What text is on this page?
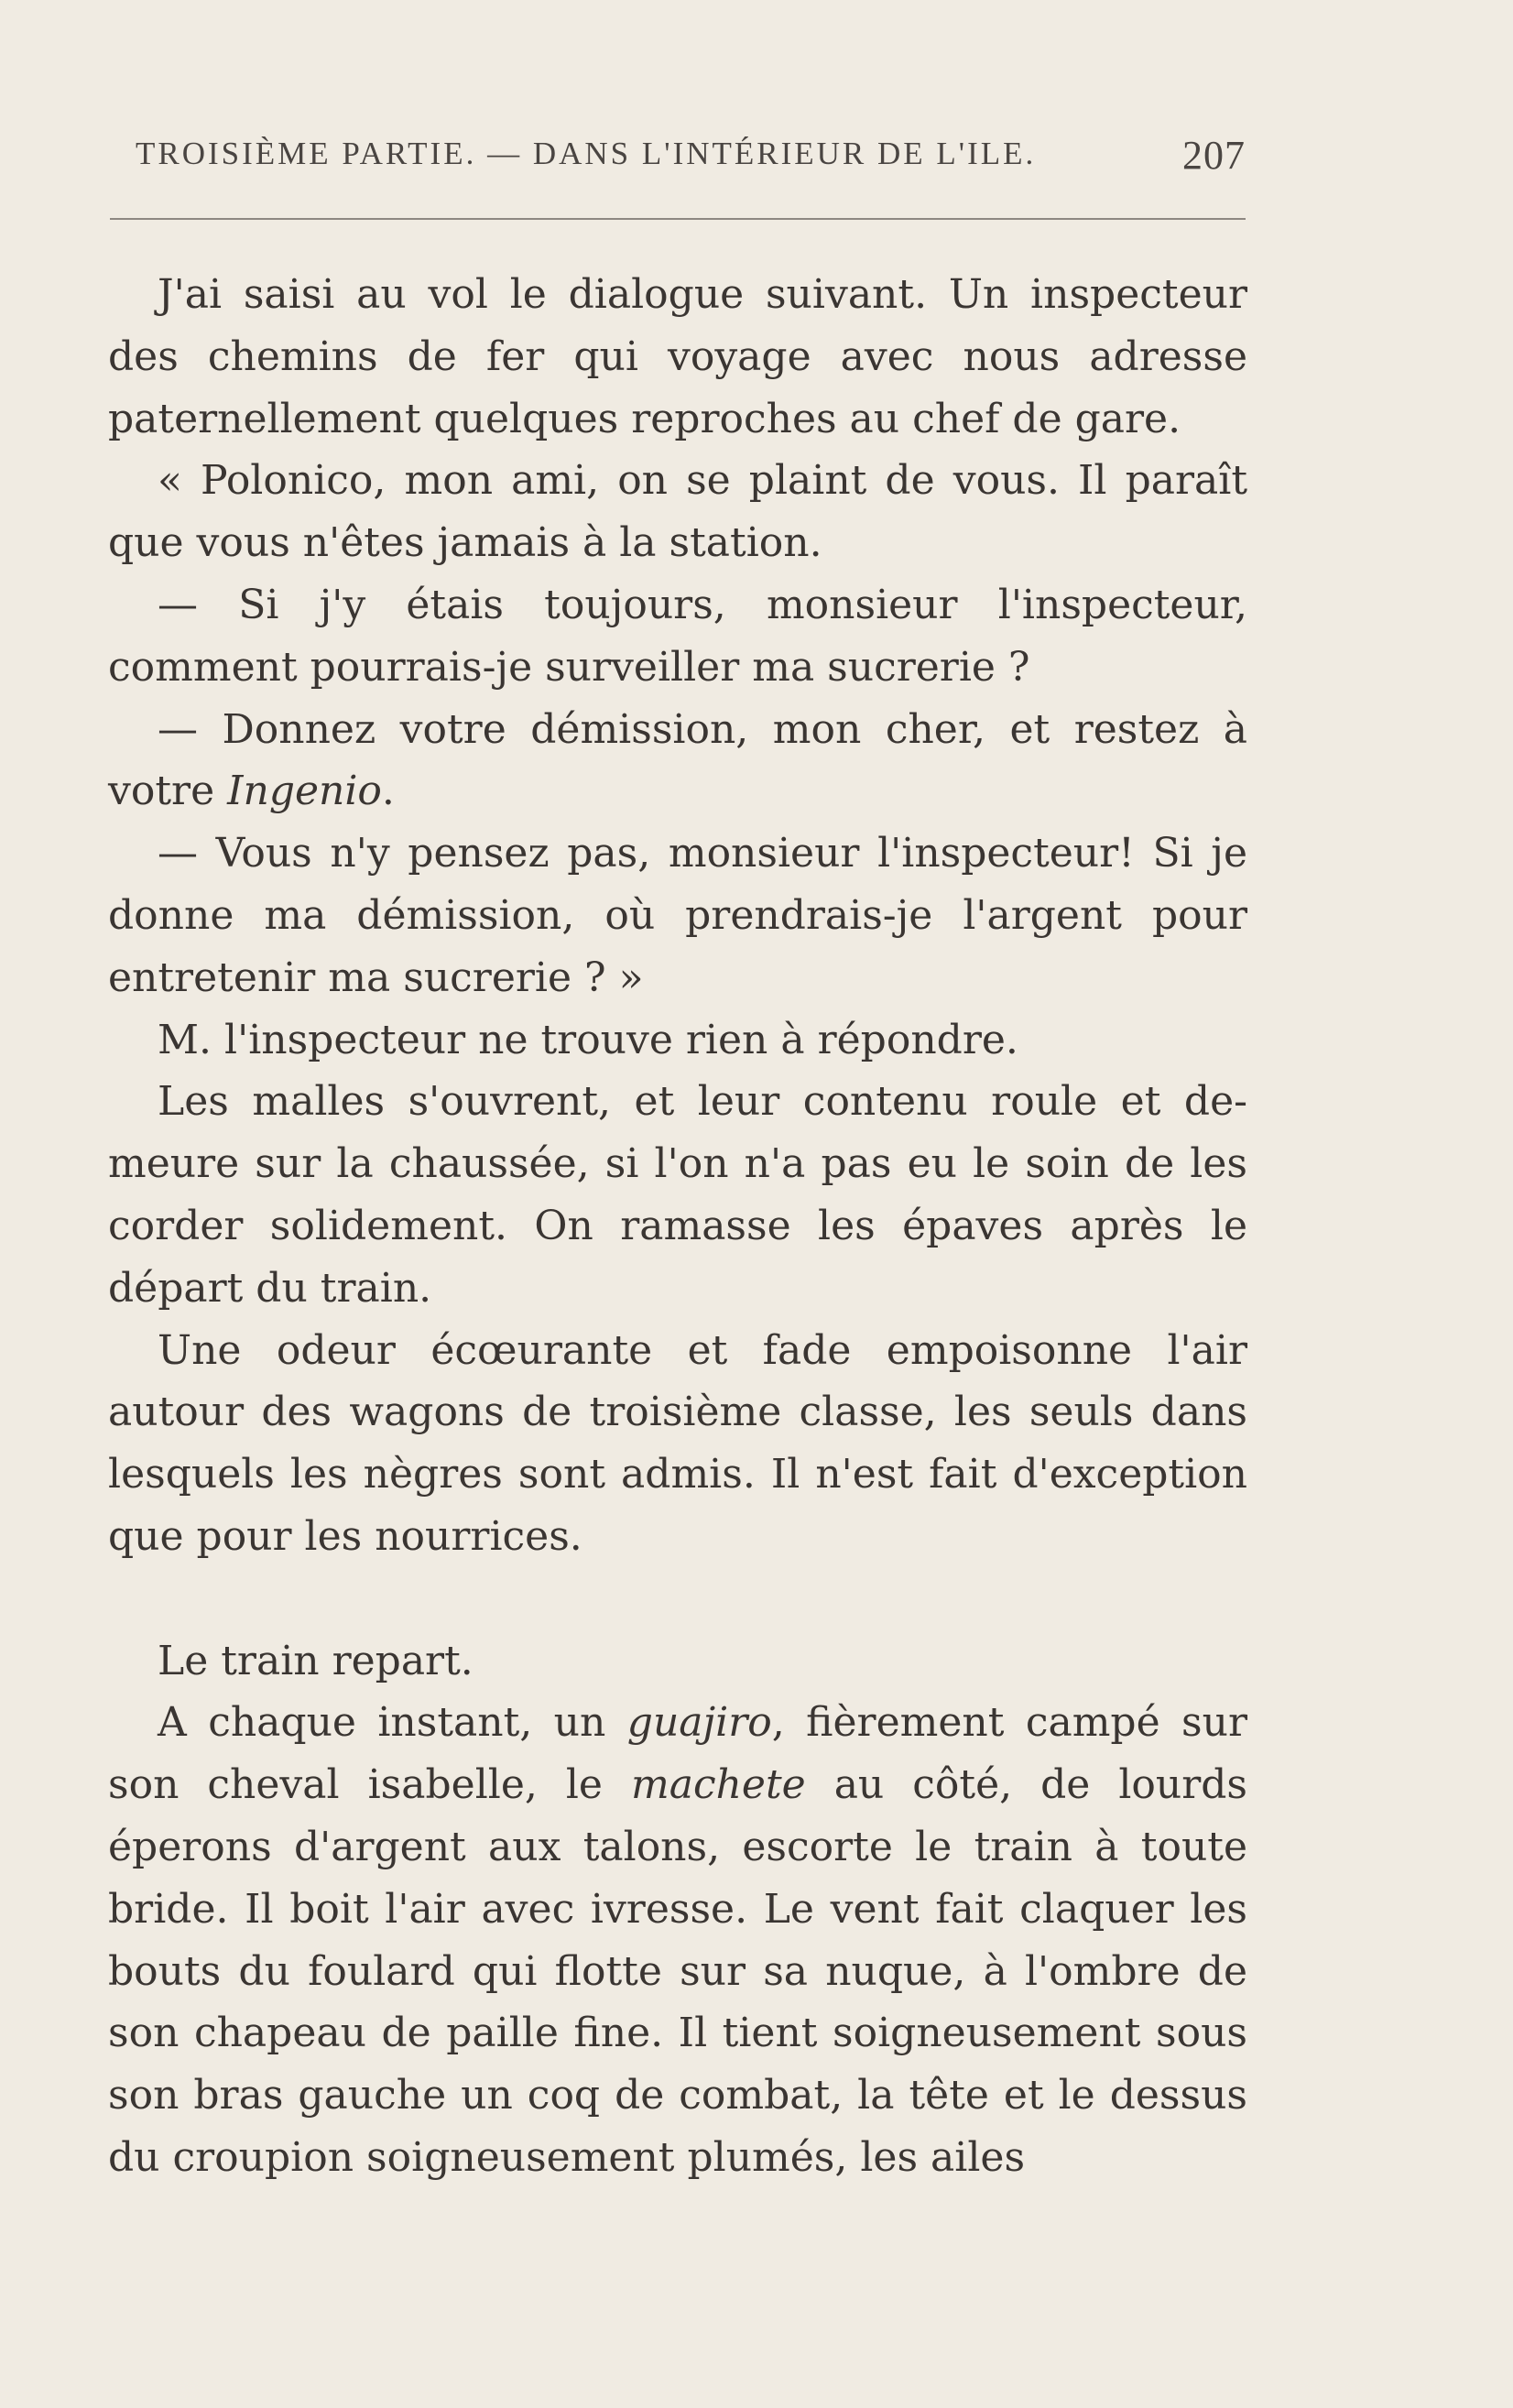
TROISIÈME PARTIE. — DANS L'INTÉRIEUR DE L'ILE.	207

J'ai saisi au vol le dialogue suivant. Un inspecteur des chemins de fer qui voyage avec nous adresse paternellement quelques reproches au chef de gare.

« Polonico, mon ami, on se plaint de vous. Il paraît que vous n'êtes jamais à la station.

— Si j'y étais toujours, monsieur l'inspecteur, comment pourrais-je surveiller ma sucrerie ?

— Donnez votre démission, mon cher, et restez à votre Ingenio.

— Vous n'y pensez pas, monsieur l'inspecteur! Si je donne ma démission, où prendrais-je l'argent pour entretenir ma sucrerie ? »

M. l'inspecteur ne trouve rien à répondre.

Les malles s'ouvrent, et leur contenu roule et demeure sur la chaussée, si l'on n'a pas eu le soin de les corder solidement. On ramasse les épaves après le départ du train.

Une odeur écœurante et fade empoisonne l'air autour des wagons de troisième classe, les seuls dans lesquels les nègres sont admis. Il n'est fait d'exception que pour les nourrices.

Le train repart.

A chaque instant, un guajiro, fièrement campé sur son cheval isabelle, le machete au côté, de lourds éperons d'argent aux talons, escorte le train à toute bride. Il boit l'air avec ivresse. Le vent fait claquer les bouts du foulard qui flotte sur sa nuque, à l'ombre de son chapeau de paille fine. Il tient soigneusement sous son bras gauche un coq de combat, la tête et le dessus du croupion soigneusement plumés, les ailes
